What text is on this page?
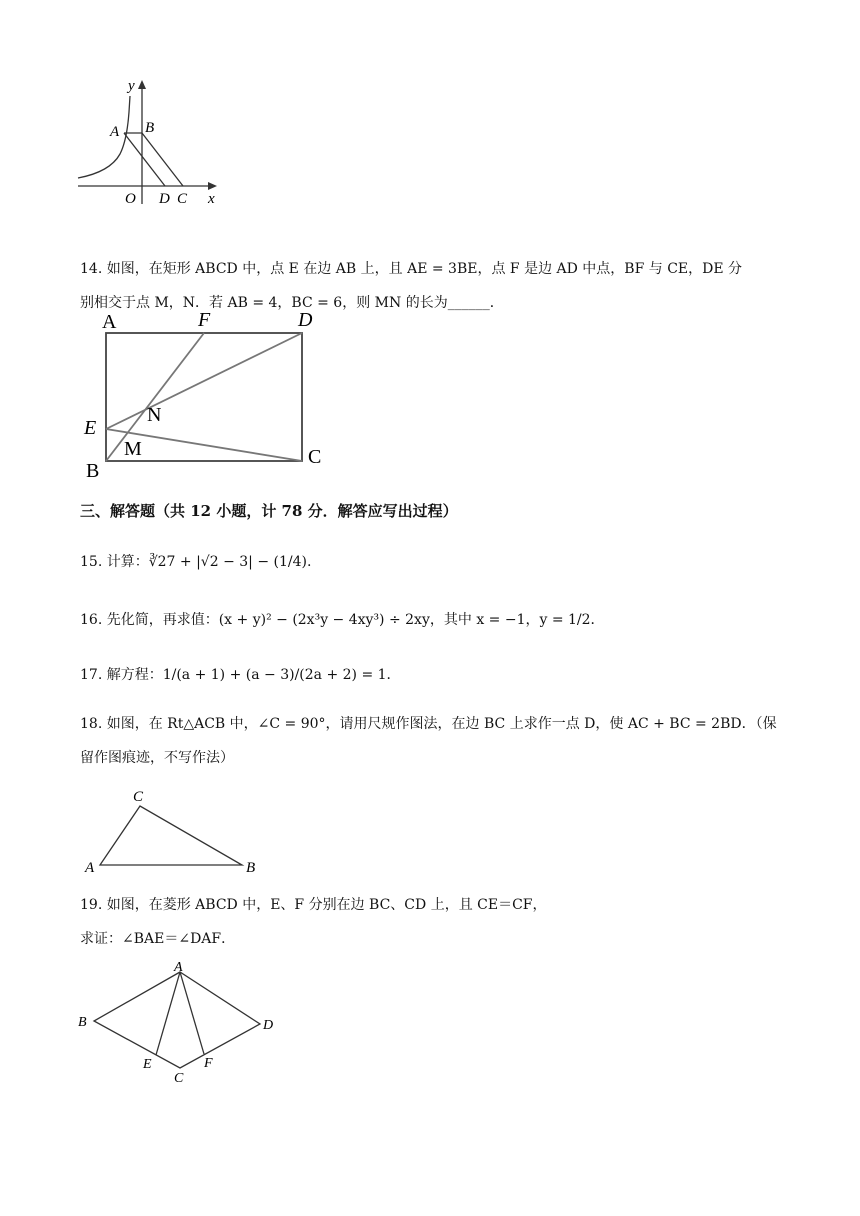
y
A B
O D C x
14. 如图，在矩形 ABCD 中，点 E 在边 AB 上，且 AE = 3BE，点 F 是边 AD 中点，BF 与 CE，DE 分
别相交于点 M，N．若 AB = 4，BC = 6，则 MN 的长为______．
A	F	D
N
E
M
B
C
三、解答题（共 12 小题，计 78 分．解答应写出过程）
15. 计算：∛27 + |√2 − 3| − (1/4).
16. 先化简，再求值：(x + y)² − (2x³y − 4xy³) ÷ 2xy，其中 x = −1，y = 1/2．
17. 解方程：1/(a + 1) + (a − 3)/(2a + 2) = 1．
18. 如图，在 Rt△ACB 中，∠C = 90°，请用尺规作图法，在边 BC 上求作一点 D，使 AC + BC = 2BD．（保
留作图痕迹，不写作法）
C
A	B
19. 如图，在菱形 ABCD 中，E、F 分别在边 BC、CD 上，且 CE＝CF，
求证：∠BAE＝∠DAF．
A
B	D
E	F
C
